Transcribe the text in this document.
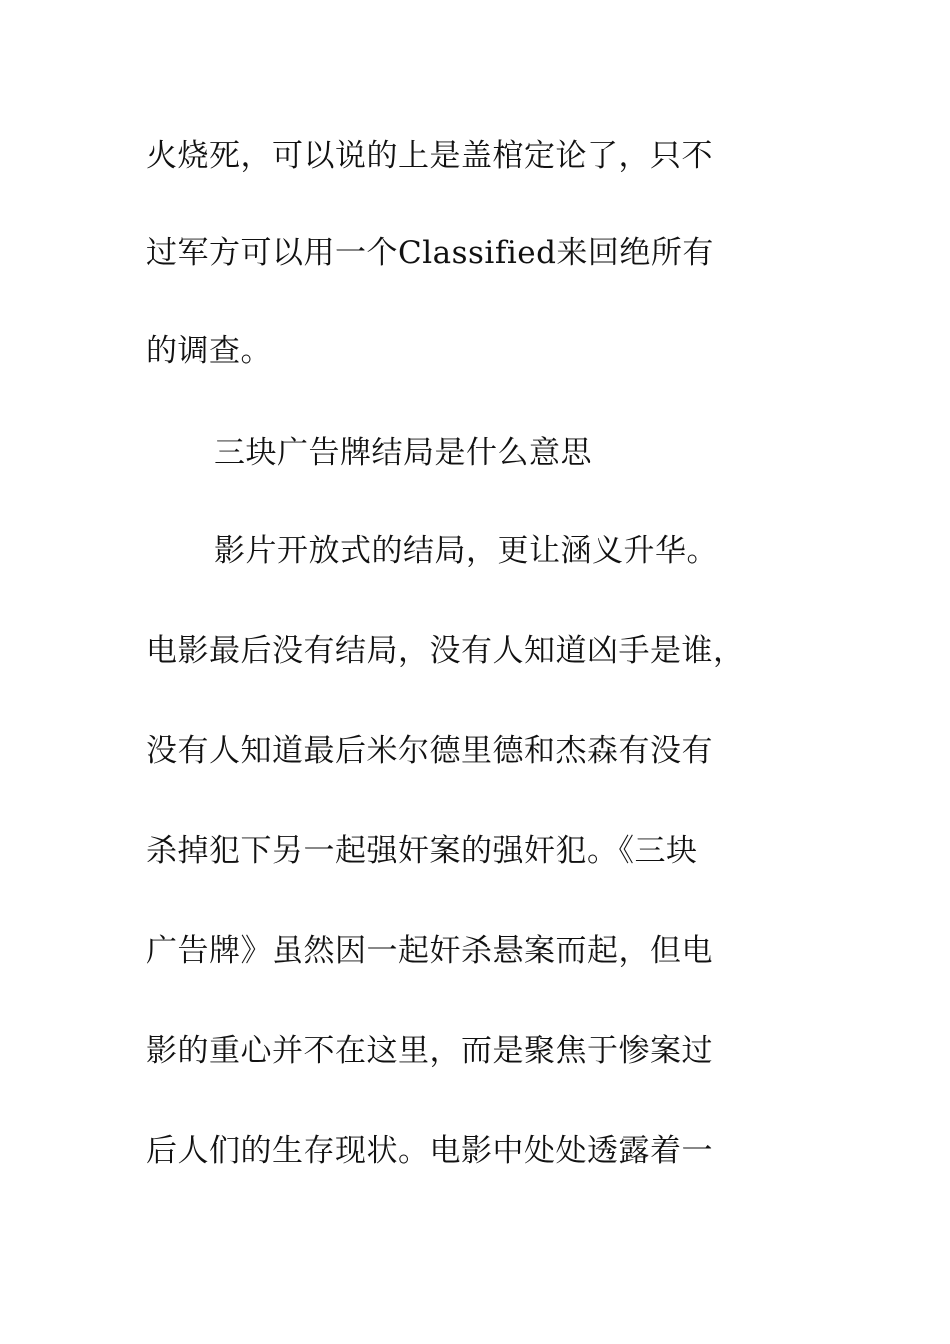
火烧死，可以说的上是盖棺定论了，只不
过军方可以用一个Classified来回绝所有
的调查。
三块广告牌结局是什么意思
影片开放式的结局，更让涵义升华。
电影最后没有结局，没有人知道凶手是谁，
没有人知道最后米尔德里德和杰森有没有
杀掉犯下另一起强奸案的强奸犯。《三块
广告牌》虽然因一起奸杀悬案而起，但电
影的重心并不在这里，而是聚焦于惨案过
后人们的生存现状。电影中处处透露着一
